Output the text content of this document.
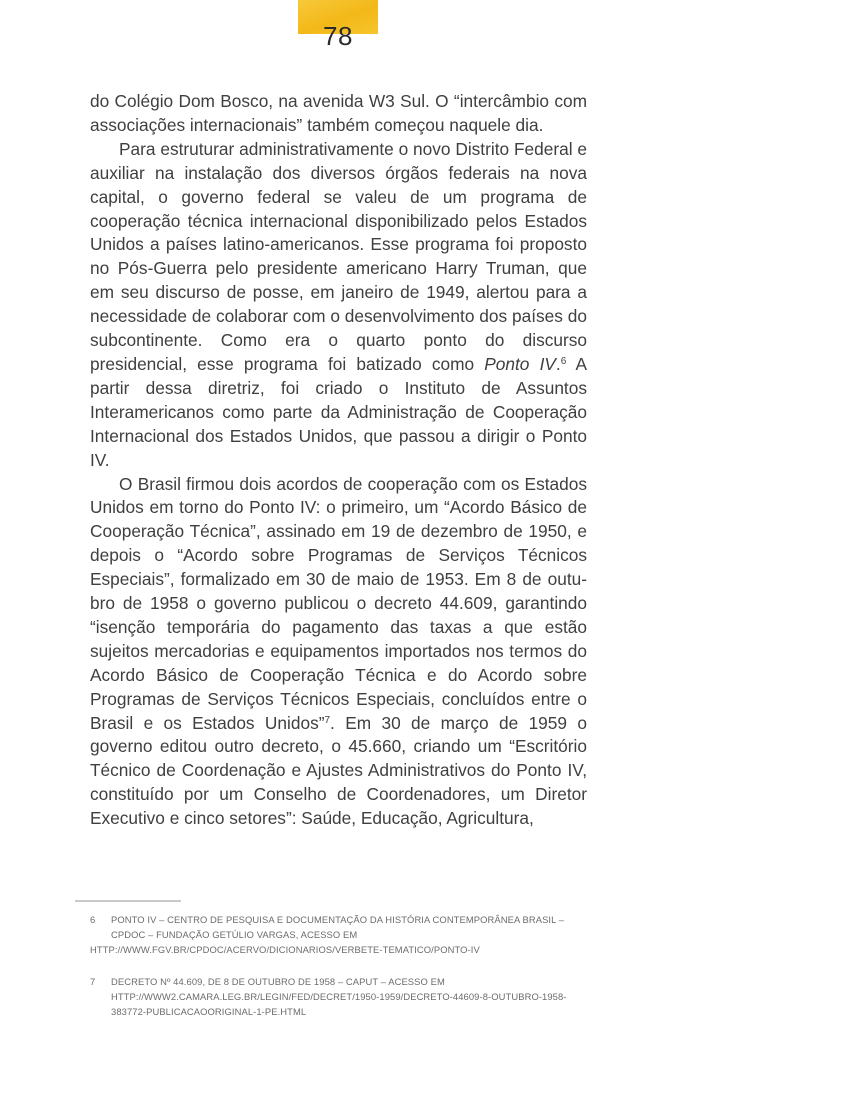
78

do Colégio Dom Bosco, na avenida W3 Sul. O “intercâmbio com associações internacionais” também começou naquele dia.

Para estruturar administrativamente o novo Distrito Federal e auxiliar na instalação dos diversos órgãos federais na nova capital, o governo federal se valeu de um programa de cooperação técnica internacional disponibilizado pelos Estados Unidos a países latino-americanos. Esse programa foi proposto no Pós-Guerra pelo presidente americano Harry Truman, que em seu discurso de posse, em janeiro de 1949, alertou para a necessidade de colaborar com o desenvolvimento dos países do subcontinente. Como era o quarto ponto do discurso presidencial, esse programa foi batizado como Ponto IV.$^6$ A partir dessa diretriz, foi criado o Instituto de Assuntos Interamericanos como parte da Administração de Cooperação Internacional dos Estados Unidos, que passou a dirigir o Ponto IV.

O Brasil firmou dois acordos de cooperação com os Estados Unidos em torno do Ponto IV: o primeiro, um “Acordo Básico de Cooperação Técnica”, assinado em 19 de dezembro de 1950, e depois o “Acordo sobre Programas de Serviços Técnicos Especiais”, formalizado em 30 de maio de 1953. Em 8 de outubro de 1958 o governo publicou o decreto 44.609, garantindo “isenção temporária do pagamento das taxas a que estão sujeitos mercadorias e equipamentos importados nos termos do Acordo Básico de Cooperação Técnica e do Acordo sobre Programas de Serviços Técnicos Especiais, concluídos entre o Brasil e os Estados Unidos”$^7$. Em 30 de março de 1959 o governo editou outro decreto, o 45.660, criando um “Escritório Técnico de Coordenação e Ajustes Administrativos do Ponto IV, constituído por um Conselho de Coordenadores, um Diretor Executivo e cinco setores”: Saúde, Educação, Agricultura,

6 PONTO IV – CENTRO DE PESQUISA E DOCUMENTAÇÃO DA HISTÓRIA CONTEMPORÂNEA BRASIL – CPDOC – FUNDAÇÃO GETÚLIO VARGAS, ACESSO EM
HTTP://WWW.FGV.BR/CPDOC/ACERVO/DICIONARIOS/VERBETE-TEMATICO/PONTO-IV
7 DECRETO Nº 44.609, DE 8 DE OUTUBRO DE 1958 – CAPUT – ACESSO EM HTTP://WWW2.CAMARA.LEG.BR/LEGIN/FED/DECRET/1950-1959/DECRETO-44609-8-OUTUBRO-1958-383772-PUBLICACAOORIGINAL-1-PE.HTML
